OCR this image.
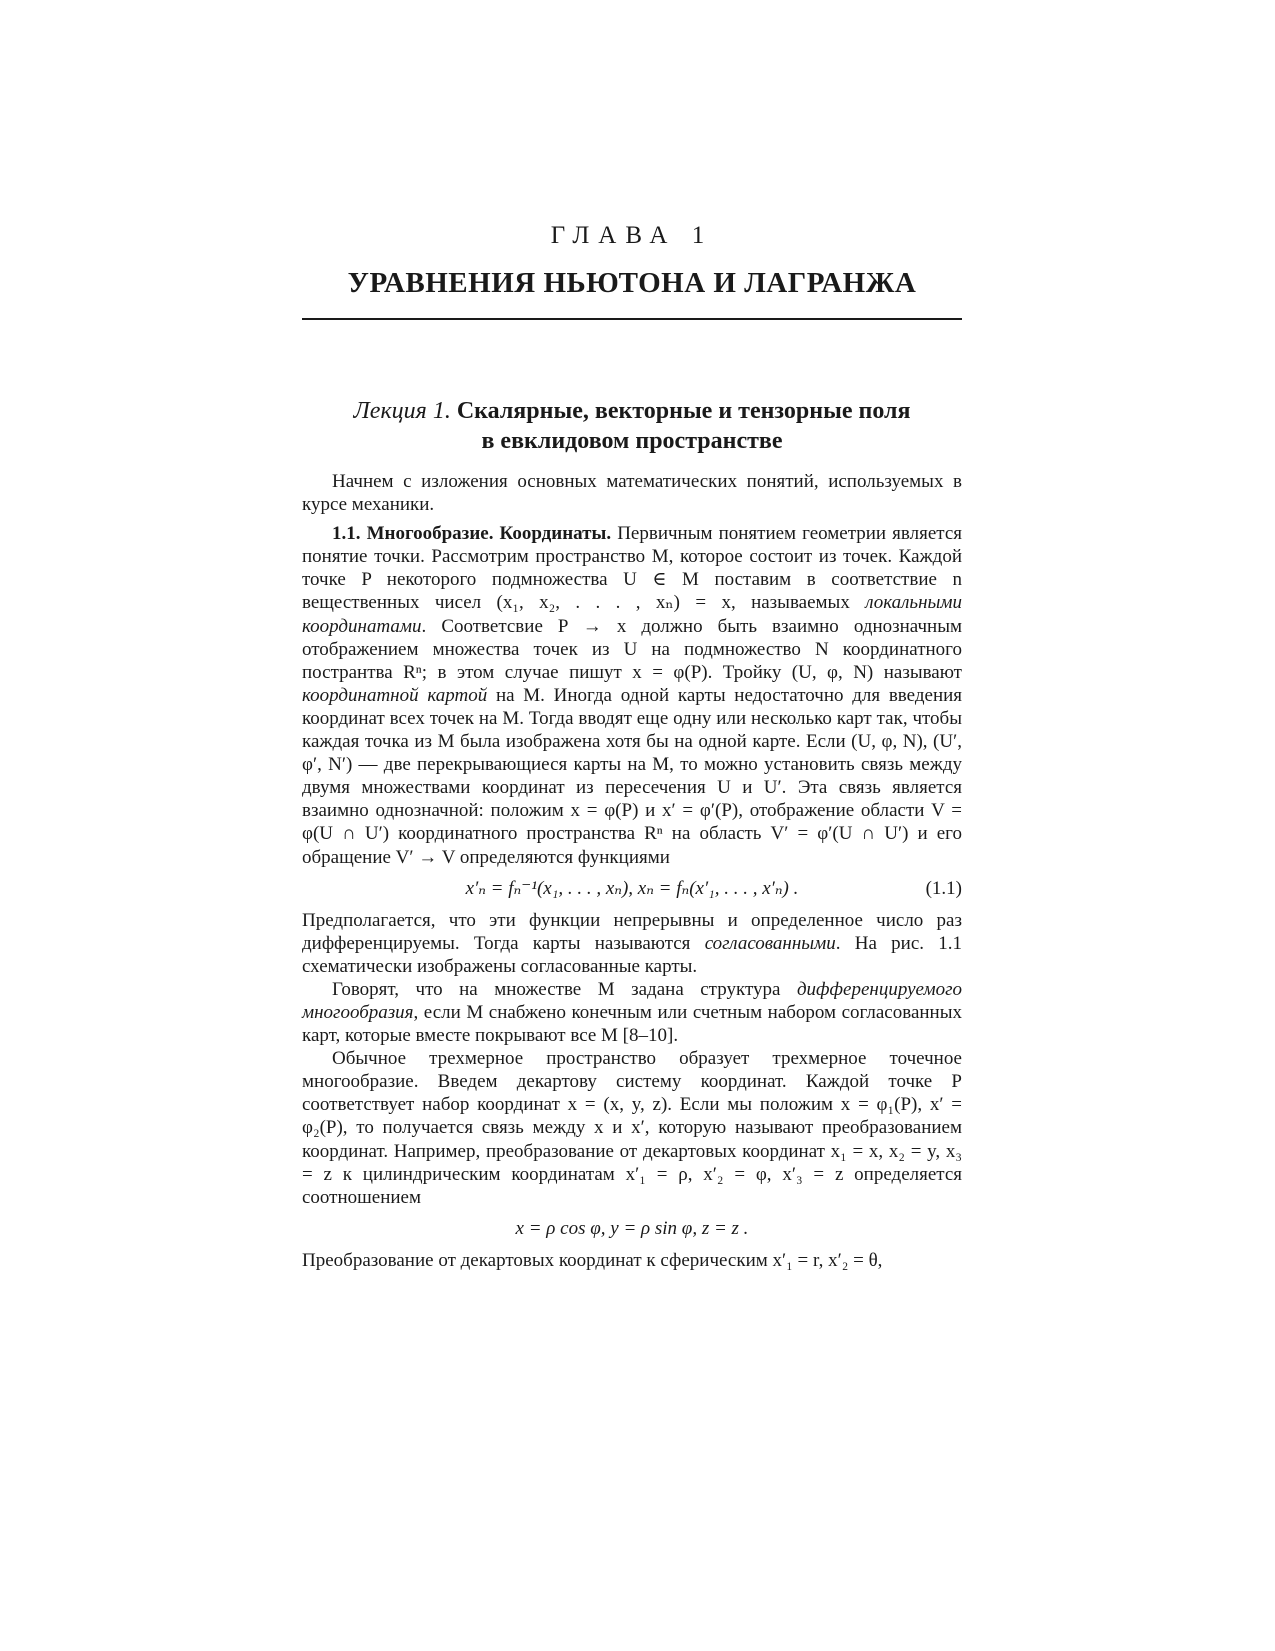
ГЛАВА 1
УРАВНЕНИЯ НЬЮТОНА И ЛАГРАНЖА
Лекция 1. Скалярные, векторные и тензорные поля
в евклидовом пространстве

Начнем с изложения основных математических понятий, используемых в курсе механики.

1.1. Многообразие. Координаты. Первичным понятием геометрии является понятие точки. Рассмотрим пространство M, которое состоит из точек. Каждой точке P некоторого подмножества U ∈ M поставим в соответствие n вещественных чисел (x₁, x₂, . . . , xₙ) = x, называемых локальными координатами. Соответсвие P → x должно быть взаимно однозначным отображением множества точек из U на подмножество N координатного пострантва Rⁿ; в этом случае пишут x = φ(P). Тройку (U, φ, N) называют координатной картой на M. Иногда одной карты недостаточно для введения координат всех точек на M. Тогда вводят еще одну или несколько карт так, чтобы каждая точка из M была изображена хотя бы на одной карте. Если (U, φ, N), (U′, φ′, N′) — две перекрывающиеся карты на M, то можно установить связь между двумя множествами координат из пересечения U и U′. Эта связь является взаимно однозначной: положим x = φ(P) и x′ = φ′(P), отображение области V = φ(U ∩ U′) координатного пространства Rⁿ на область V′ = φ′(U ∩ U′) и его обращение V′ → V определяются функциями

x′ₙ = fₙ⁻¹(x₁, . . . , xₙ), xₙ = fₙ(x′₁, . . . , x′ₙ) .	(1.1)

Предполагается, что эти функции непрерывны и определенное число раз дифференцируемы. Тогда карты называются согласованными. На рис. 1.1 схематически изображены согласованные карты.

Говорят, что на множестве M задана структура дифференцируемого многообразия, если M снабжено конечным или счетным набором согласованных карт, которые вместе покрывают все M [8–10].

Обычное трехмерное пространство образует трехмерное точечное многообразие. Введем декартову систему координат. Каждой точке P соответствует набор координат x = (x, y, z). Если мы положим x = φ₁(P), x′ = φ₂(P), то получается связь между x и x′, которую называют преобразованием координат. Например, преобразование от декартовых координат x₁ = x, x₂ = y, x₃ = z к цилиндрическим координатам x′₁ = ρ, x′₂ = φ, x′₃ = z определяется соотношением

x = ρ cos φ, y = ρ sin φ, z = z .

Преобразование от декартовых координат к сферическим x′₁ = r, x′₂ = θ,
